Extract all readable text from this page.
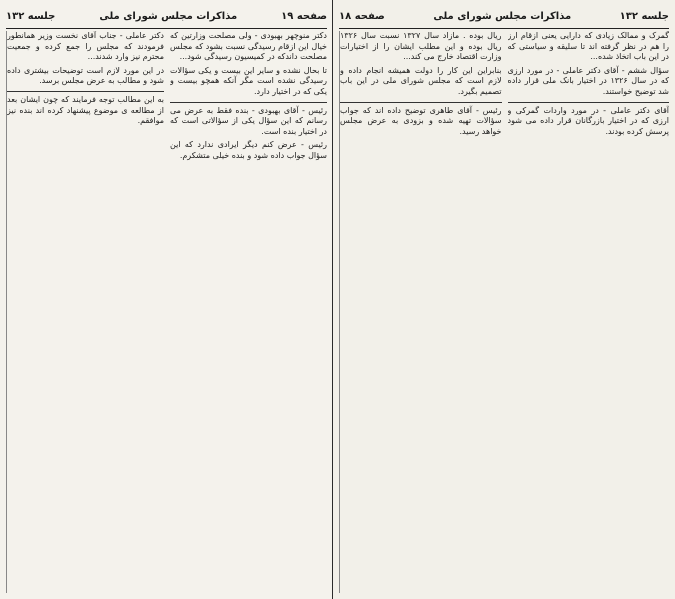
صفحه ۱۹
مذاکرات مجلس شورای ملی
جلسه ۱۳۲

دکتر منوچهر بهبودی - ولی مصلحت وزارتین که خیال این ازقام رسیدگی نسبت بشود که مجلس مصلحت داندکه در کمیسیون رسیدگی شود...

تا بحال نشده و سایر این بیست و یکی سؤالات رسیدگی نشده است مگر آنکه همچو بیست و یکی که در اختیار دارد.

رئیس - آقای بهبودی - بنده فقط به عرض می رسانم که این سؤال یکی از سؤالاتی است که در اختیار بنده است.

رئیس - عرض کنم دیگر ایرادی ندارد که این سؤال جواب داده شود و بنده خیلی متشکرم.

دکتر عاملی - جناب آقای نخست وزیر همانطور فرمودند که مجلس را جمع کرده و جمعیت محترم نیز وارد شدند...

در این مورد لازم است توضیحات بیشتری داده شود و مطالب به عرض مجلس برسد.

به این مطالب توجه فرمایند که چون ایشان بعد از مطالعه ی موضوع پیشنهاد کرده اند بنده نیز موافقم.

جلسه ۱۳۲
مذاکرات مجلس شورای ملی
صفحه ۱۸

گمرک و ممالک زیادی که دارایی یعنی ازقام ارز را هم در نظر گرفته اند تا سلیقه و سیاستی که در این باب اتخاذ شده...

سؤال ششم - آقای دکتر عاملی - در مورد ارزی که در سال ۱۳۲۶ در اختیار بانک ملی قرار داده شد توضیح خواستند.

آقای دکتر عاملی - در مورد واردات گمرکی و ارزی که در اختیار بازرگانان قرار داده می شود پرسش کرده بودند.

ریال بوده . مازاد سال ۱۳۲۷ نسبت سال ۱۳۲۶ ریال بوده و این مطلب ایشان را از اختیارات وزارت اقتصاد خارج می کند...

بنابراین این کار را دولت همیشه انجام داده و لازم است که مجلس شورای ملی در این باب تصمیم بگیرد.

رئیس - آقای طاهری توضیح داده اند که جواب سؤالات تهیه شده و بزودی به عرض مجلس خواهد رسید.
